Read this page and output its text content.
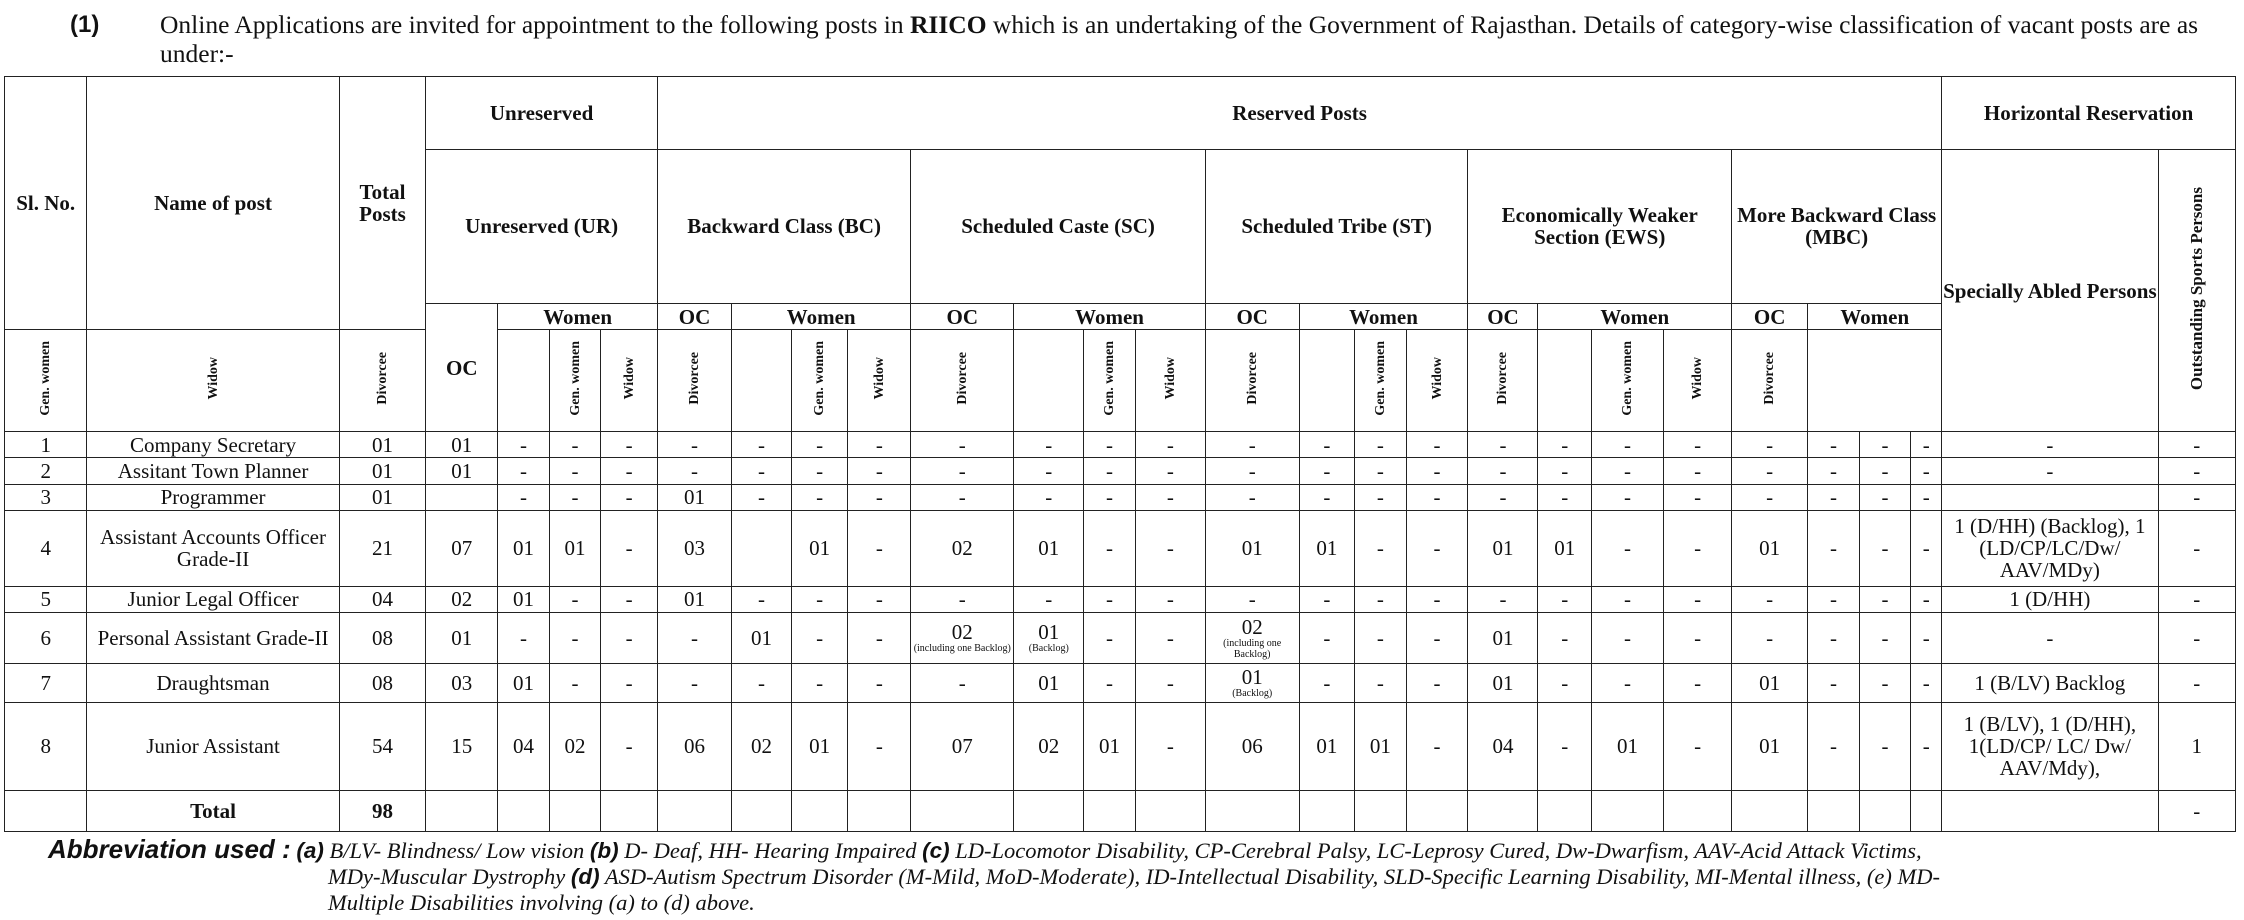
(1) Online Applications are invited for appointment to the following posts in RIICO which is an undertaking of the Government of Rajasthan. Details of category-wise classification of vacant posts are as under:-
Sl. No.	Name of post	Total Posts	Unreserved				Reserved Posts																				Horizontal Reservation	
			Unreserved (UR)				Backward Class (BC)				Scheduled Caste (SC)				Scheduled Tribe (ST)				Economically Weaker Section (EWS)				More Backward Class (MBC)				Specially Abled Persons	Outstanding Sports Persons
			OC	Women			OC	Women			OC	Women			OC	Women			OC	Women			OC	Women				
Gen. women	Widow	Divorcee			Gen. women	Widow	Divorcee		Gen. women	Widow	Divorcee		Gen. women	Widow	Divorcee		Gen. women	Widow	Divorcee		Gen. women	Widow	Divorcee					
1	Company Secretary	01	01	-	-	-	-	-	-	-	-	-	-	-	-	-	-	-	-	-	-	-	-	-	-	-	-	-
2	Assitant Town Planner	01	01	-	-	-	-	-	-	-	-	-	-	-	-	-	-	-	-	-	-	-	-	-	-	-	-	-
3	Programmer	01		-	-	-	01	-	-	-	-	-	-	-	-	-	-	-	-	-	-	-	-	-	-	-		-
4	Assistant Accounts Officer Grade-II	21	07	01	01	-	03		01	-	02	01	-	-	01	01	-	-	01	01	-	-	01	-	-	-	1 (D/HH) (Backlog), 1 (LD/CP/LC/Dw/ AAV/MDy)	-
5	Junior Legal Officer	04	02	01	-	-	01	-	-	-	-	-	-	-	-	-	-	-	-	-	-	-	-	-	-	-	1 (D/HH)	-
6	Personal Assistant Grade-II	08	01	-	-	-	-	01	-	-	02
(including one Backlog)	01
(Backlog)	-	-	02
(including one Backlog)	-	-	-	01	-	-	-	-	-	-	-	-	-
7	Draughtsman	08	03	01	-	-	-	-	-	-	-	01	-	-	01
(Backlog)	-	-	-	01	-	-	-	01	-	-	-	1 (B/LV) Backlog	-
8	Junior Assistant	54	15	04	02	-	06	02	01	-	07	02	01	-	06	01	01	-	04	-	01	-	01	-	-	-	1 (B/LV), 1 (D/HH), 1(LD/CP/ LC/ Dw/ AAV/Mdy),	1
	Total	98																										-
Abbreviation used : (a) B/LV- Blindness/ Low vision (b) D- Deaf, HH- Hearing Impaired (c) LD-Locomotor Disability, CP-Cerebral Palsy, LC-Leprosy Cured, Dw-Dwarfism, AAV-Acid Attack Victims,
MDy-Muscular Dystrophy (d) ASD-Autism Spectrum Disorder (M-Mild, MoD-Moderate), ID-Intellectual Disability, SLD-Specific Learning Disability, MI-Mental illness, (e) MD-
Multiple Disabilities involving (a) to (d) above.
